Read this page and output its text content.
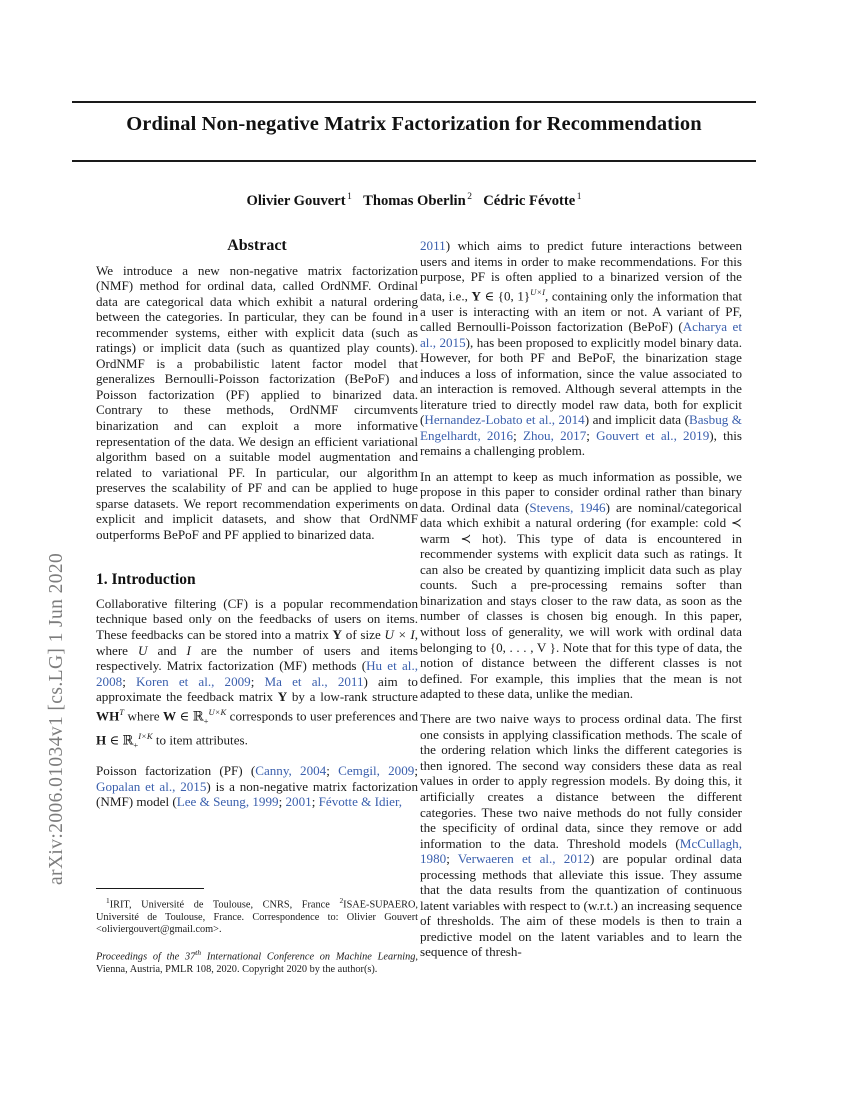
arXiv:2006.01034v1 [cs.LG] 1 Jun 2020
Ordinal Non-negative Matrix Factorization for Recommendation
Olivier Gouvert $^1$ Thomas Oberlin $^2$ Cédric Févotte $^1$
Abstract

We introduce a new non-negative matrix factorization (NMF) method for ordinal data, called OrdNMF. Ordinal data are categorical data which exhibit a natural ordering between the categories. In particular, they can be found in recommender systems, either with explicit data (such as ratings) or implicit data (such as quantized play counts). OrdNMF is a probabilistic latent factor model that generalizes Bernoulli-Poisson factorization (BePoF) and Poisson factorization (PF) applied to binarized data. Contrary to these methods, OrdNMF circumvents binarization and can exploit a more informative representation of the data. We design an efficient variational algorithm based on a suitable model augmentation and related to variational PF. In particular, our algorithm preserves the scalability of PF and can be applied to huge sparse datasets. We report recommendation experiments on explicit and implicit datasets, and show that OrdNMF outperforms BePoF and PF applied to binarized data.

1. Introduction

Collaborative filtering (CF) is a popular recommendation technique based only on the feedbacks of users on items. These feedbacks can be stored into a matrix Y of size U × I, where U and I are the number of users and items respectively. Matrix factorization (MF) methods (Hu et al., 2008; Koren et al., 2009; Ma et al., 2011) aim to approximate the feedback matrix Y by a low-rank structure $WH^T$ where W ∈ ℝ$_+^{U\times K}$ corresponds to user preferences and H ∈ ℝ$_+^{I\times K}$ to item attributes.

Poisson factorization (PF) (Canny, 2004; Cemgil, 2009; Gopalan et al., 2015) is a non-negative matrix factorization (NMF) model (Lee & Seung, 1999; 2001; Févotte & Idier,

2011) which aims to predict future interactions between users and items in order to make recommendations. For this purpose, PF is often applied to a binarized version of the data, i.e., Y ∈ {0, 1}$^{U\times I}$, containing only the information that a user is interacting with an item or not. A variant of PF, called Bernoulli-Poisson factorization (BePoF) (Acharya et al., 2015), has been proposed to explicitly model binary data. However, for both PF and BePoF, the binarization stage induces a loss of information, since the value associated to an interaction is removed. Although several attempts in the literature tried to directly model raw data, both for explicit (Hernandez-Lobato et al., 2014) and implicit data (Basbug & Engelhardt, 2016; Zhou, 2017; Gouvert et al., 2019), this remains a challenging problem.

In an attempt to keep as much information as possible, we propose in this paper to consider ordinal rather than binary data. Ordinal data (Stevens, 1946) are nominal/categorical data which exhibit a natural ordering (for example: cold ≺ warm ≺ hot). This type of data is encountered in recommender systems with explicit data such as ratings. It can also be created by quantizing implicit data such as play counts. Such a pre-processing remains softer than binarization and stays closer to the raw data, as soon as the number of classes is chosen big enough. In this paper, without loss of generality, we will work with ordinal data belonging to {0, . . . , V }. Note that for this type of data, the notion of distance between the different classes is not defined. For example, this implies that the mean is not adapted to these data, unlike the median.

There are two naive ways to process ordinal data. The first one consists in applying classification methods. The scale of the ordering relation which links the different categories is then ignored. The second way considers these data as real values in order to apply regression models. By doing this, it artificially creates a distance between the different categories. These two naive methods do not fully consider the specificity of ordinal data, since they remove or add information to the data. Threshold models (McCullagh, 1980; Verwaeren et al., 2012) are popular ordinal data processing methods that alleviate this issue. They assume that the data results from the quantization of continuous latent variables with respect to (w.r.t.) an increasing sequence of thresholds. The aim of these models is then to train a predictive model on the latent variables and to learn the sequence of thresh-

$^1$IRIT, Université de Toulouse, CNRS, France $^2$ISAE-SUPAERO, Université de Toulouse, France. Correspondence to: Olivier Gouvert <oliviergouvert@gmail.com>.

Proceedings of the 37th International Conference on Machine Learning, Vienna, Austria, PMLR 108, 2020. Copyright 2020 by the author(s).
